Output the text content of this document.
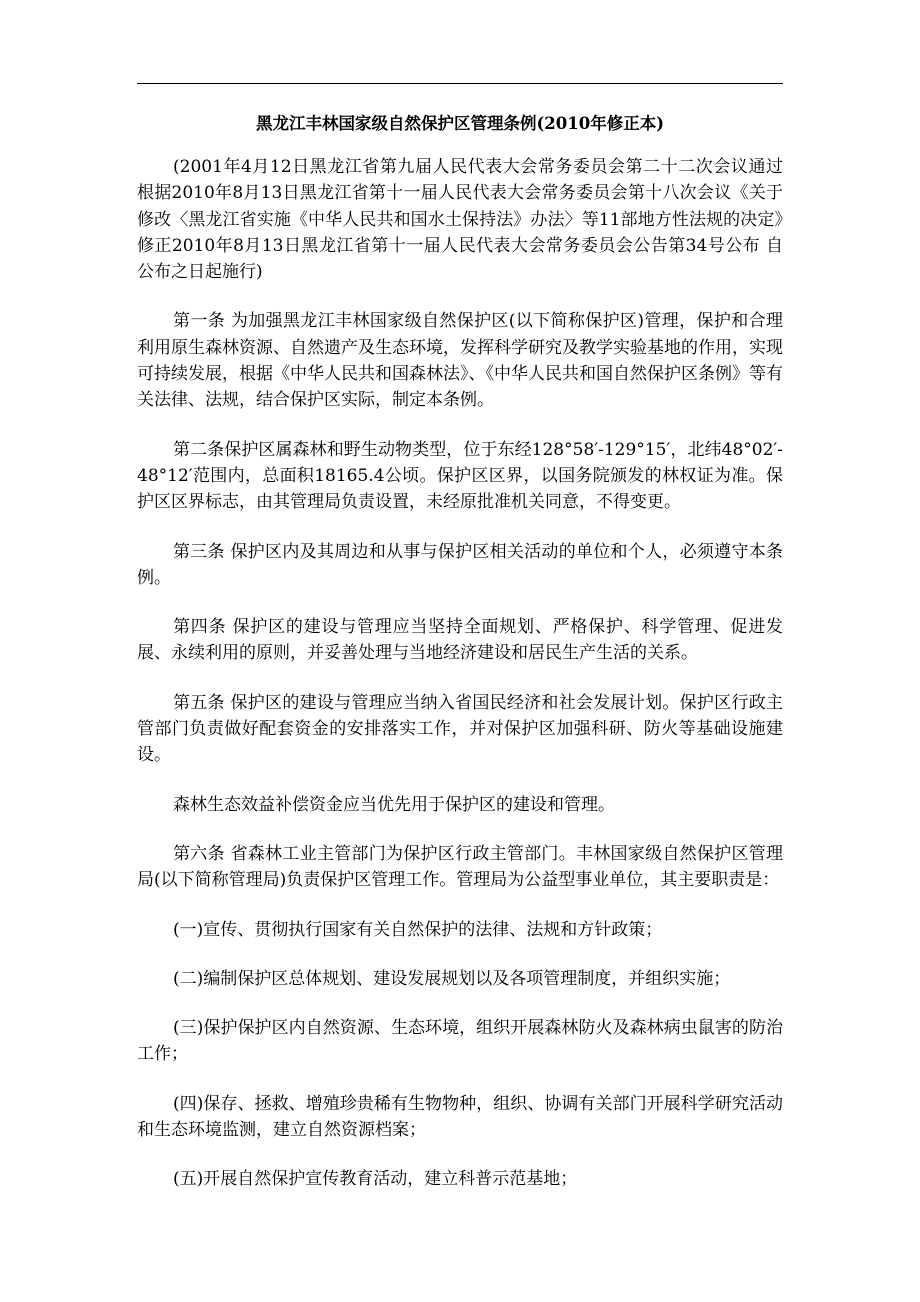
黑龙江丰林国家级自然保护区管理条例(2010年修正本)

(2001年4月12日黑龙江省第九届人民代表大会常务委员会第二十二次会议通过 根据2010年8月13日黑龙江省第十一届人民代表大会常务委员会第十八次会议《关于修改〈黑龙江省实施《中华人民共和国水土保持法》办法〉等11部地方性法规的决定》修正2010年8月13日黑龙江省第十一届人民代表大会常务委员会公告第34号公布 自公布之日起施行)

第一条 为加强黑龙江丰林国家级自然保护区(以下简称保护区)管理，保护和合理利用原生森林资源、自然遗产及生态环境，发挥科学研究及教学实验基地的作用，实现可持续发展，根据《中华人民共和国森林法》、《中华人民共和国自然保护区条例》等有关法律、法规，结合保护区实际，制定本条例。

第二条保护区属森林和野生动物类型，位于东经128°58′-129°15′，北纬48°02′-48°12′范围内，总面积18165.4公顷。保护区区界，以国务院颁发的林权证为准。保护区区界标志，由其管理局负责设置，未经原批准机关同意，不得变更。

第三条 保护区内及其周边和从事与保护区相关活动的单位和个人，必须遵守本条例。

第四条 保护区的建设与管理应当坚持全面规划、严格保护、科学管理、促进发展、永续利用的原则，并妥善处理与当地经济建设和居民生产生活的关系。

第五条 保护区的建设与管理应当纳入省国民经济和社会发展计划。保护区行政主管部门负责做好配套资金的安排落实工作，并对保护区加强科研、防火等基础设施建设。

森林生态效益补偿资金应当优先用于保护区的建设和管理。

第六条 省森林工业主管部门为保护区行政主管部门。丰林国家级自然保护区管理局(以下简称管理局)负责保护区管理工作。管理局为公益型事业单位，其主要职责是：

(一)宣传、贯彻执行国家有关自然保护的法律、法规和方针政策；

(二)编制保护区总体规划、建设发展规划以及各项管理制度，并组织实施；

(三)保护保护区内自然资源、生态环境，组织开展森林防火及森林病虫鼠害的防治工作；

(四)保存、拯救、增殖珍贵稀有生物物种，组织、协调有关部门开展科学研究活动和生态环境监测，建立自然资源档案；

(五)开展自然保护宣传教育活动，建立科普示范基地；
